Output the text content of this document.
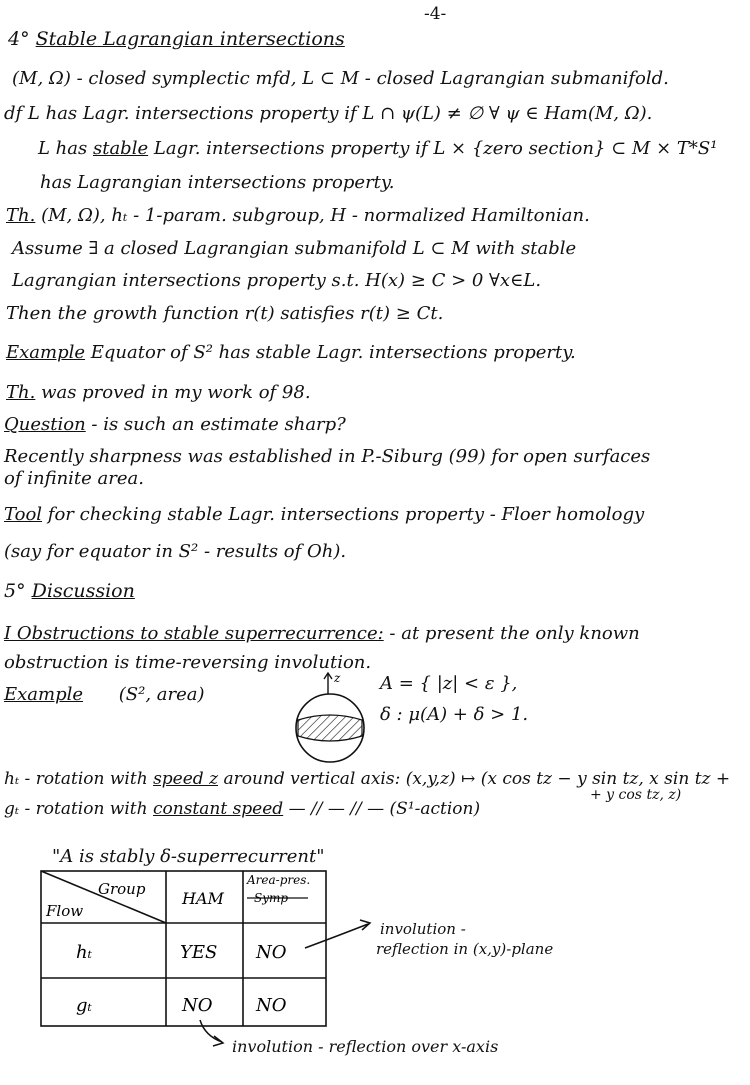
-4-
4° Stable Lagrangian intersections
(M, Ω) - closed symplectic mfd, L ⊂ M - closed Lagrangian submanifold.
df L has Lagr. intersections property if L ∩ ψ(L) ≠ ∅ ∀ ψ ∈ Ham(M, Ω).
L has stable Lagr. intersections property if L × {zero section} ⊂ M × T*S¹
has Lagrangian intersections property.
Th. (M, Ω), hₜ - 1-param. subgroup, H - normalized Hamiltonian.
Assume ∃ a closed Lagrangian submanifold L ⊂ M with stable
Lagrangian intersections property s.t. H(x) ≥ C > 0 ∀x∈L.
Then the growth function r(t) satisfies r(t) ≥ Ct.
Example Equator of S² has stable Lagr. intersections property.
Th. was proved in my work of 98.
Question - is such an estimate sharp?
Recently sharpness was established in P.-Siburg (99) for open surfaces
of infinite area.
Tool for checking stable Lagr. intersections property - Floer homology
(say for equator in S² - results of Oh).
5° Discussion
I Obstructions to stable superrecurrence: - at present the only known
obstruction is time-reversing involution.
Example (S², area)
z A = { |z| < ε },
δ : μ(A) + δ > 1.
hₜ - rotation with speed z around vertical axis: (x,y,z) ↦ (x cos tz − y sin tz, x sin tz +
+ y cos tz, z)
gₜ - rotation with constant speed — // — // — (S¹-action)
"A is stably δ-superrecurrent"
Group
Flow
HAM
Area-pres.
Symp
hₜ	YES NO
gₜ	NO NO
involution -
reflection in (x,y)-plane
involution - reflection over x-axis
